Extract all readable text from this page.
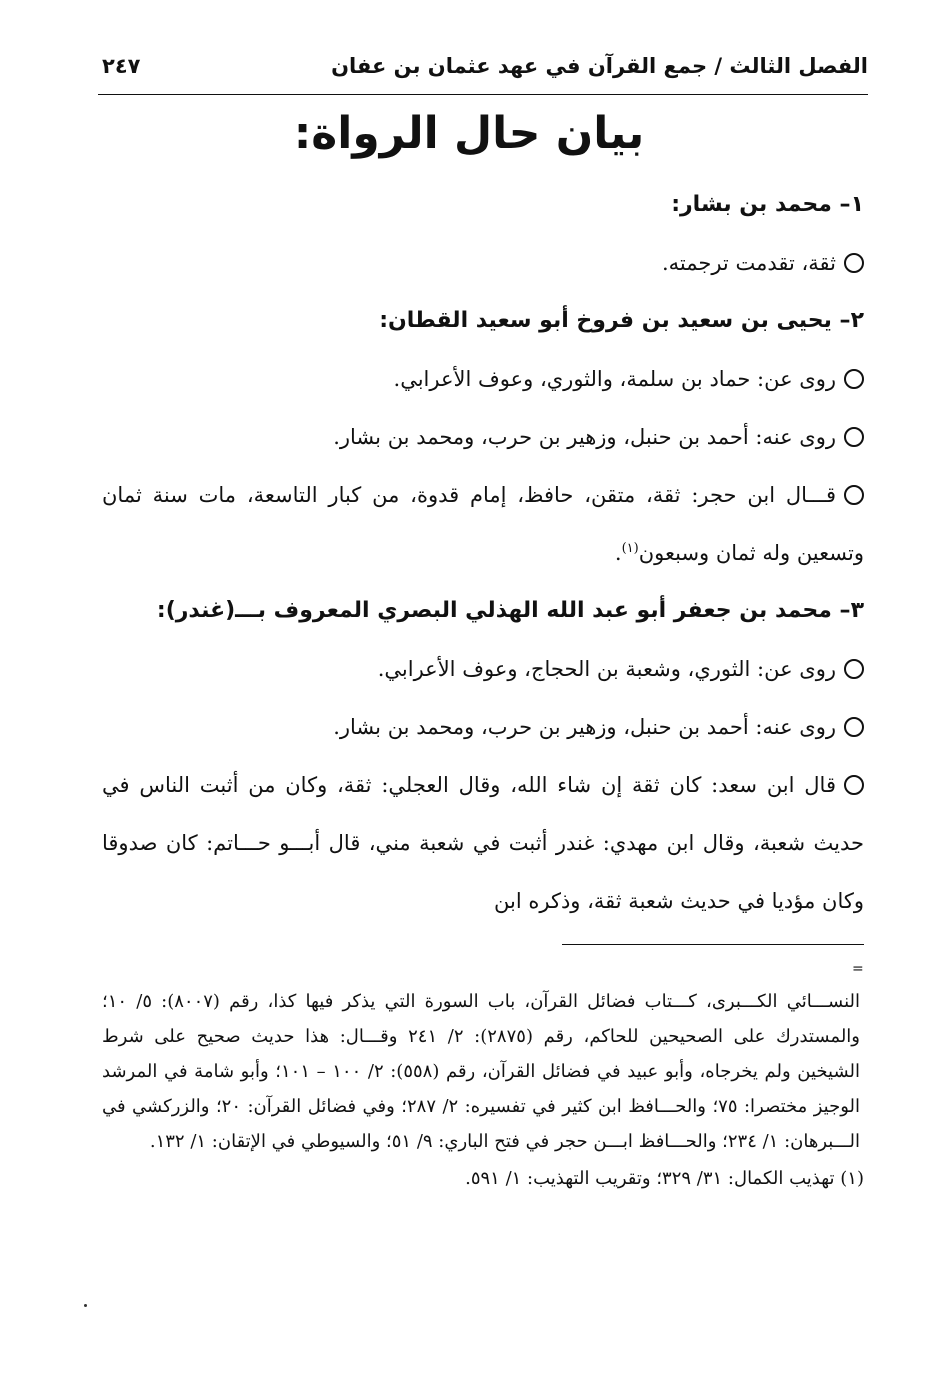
الفصل الثالث / جمع القرآن في عهد عثمان بن عفان
٢٤٧
بيان حال الرواة:
١– محمد بن بشار:
ثقة، تقدمت ترجمته.
٢– يحيى بن سعيد بن فروخ أبو سعيد القطان:
روى عن: حماد بن سلمة، والثوري، وعوف الأعرابي.
روى عنه: أحمد بن حنبل، وزهير بن حرب، ومحمد بن بشار.
قـــال ابن حجر: ثقة، متقن، حافظ، إمام قدوة، من كبار التاسعة، مات سنة ثمان وتسعين وله ثمان وسبعون$^{(١)}$.
٣– محمد بن جعفر أبو عبد الله الهذلي البصري المعروف بـــ(غندر):
روى عن: الثوري، وشعبة بن الحجاج، وعوف الأعرابي.
روى عنه: أحمد بن حنبل، وزهير بن حرب، ومحمد بن بشار.
قال ابن سعد: كان ثقة إن شاء الله، وقال العجلي: ثقة، وكان من أثبت الناس في حديث شعبة، وقال ابن مهدي: غندر أثبت في شعبة مني، قال أبـــو حـــاتم: كان صدوقا وكان مؤديا في حديث شعبة ثقة، وذكره ابن
=
النســـائي الكـــبرى، كـــتاب فضائل القرآن، باب السورة التي يذكر فيها كذا، رقم (٨٠٠٧): ٥/ ١٠؛ والمستدرك على الصحيحين للحاكم، رقم (٢٨٧٥): ٢/ ٢٤١ وقـــال: هذا حديث صحيح على شرط الشيخين ولم يخرجاه، وأبو عبيد في فضائل القرآن، رقم (٥٥٨): ٢/ ١٠٠ – ١٠١؛ وأبو شامة في المرشد الوجيز مختصرا: ٧٥؛ والحـــافظ ابن كثير في تفسيره: ٢/ ٢٨٧؛ وفي فضائل القرآن: ٢٠؛ والزركشي في الـــبرهان: ١/ ٢٣٤؛ والحـــافظ ابـــن حجر في فتح الباري: ٩/ ٥١؛ والسيوطي في الإتقان: ١/ ١٣٢.
(١) تهذيب الكمال: ٣١/ ٣٢٩؛ وتقريب التهذيب: ١/ ٥٩١.
